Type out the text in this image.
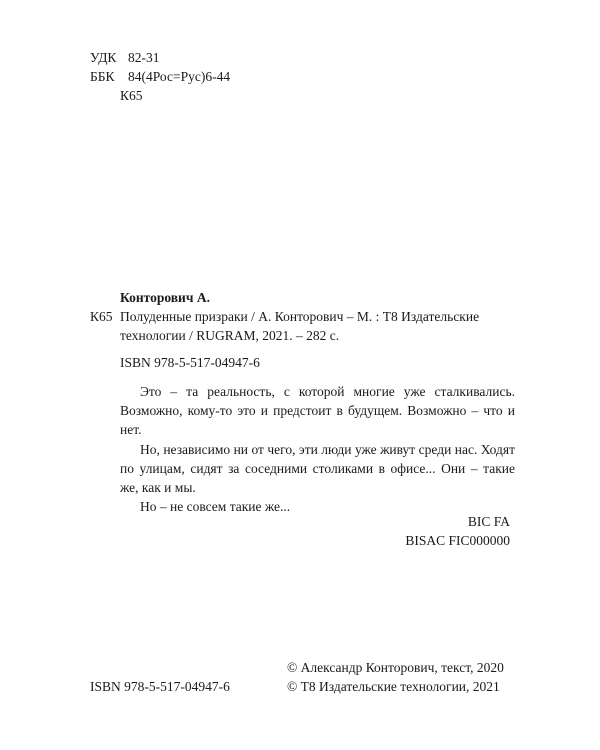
УДК 82-31
ББК 84(4Рос=Рус)6-44
К65
Конторович А.
К65 Полуденные призраки / А. Конторович – М. : Т8 Издательские технологии / RUGRAM, 2021. – 282 с.
ISBN 978-5-517-04947-6

Это – та реальность, с которой многие уже сталкивались. Возможно, кому-то это и предстоит в будущем. Возможно – что и нет.

Но, независимо ни от чего, эти люди уже живут среди нас. Ходят по улицам, сидят за соседними столиками в офисе... Они – такие же, как и мы.

Но – не совсем такие же...

BIC FA
BISAC FIC000000
© Александр Конторович, текст, 2020
© Т8 Издательские технологии, 2021
ISBN 978-5-517-04947-6
